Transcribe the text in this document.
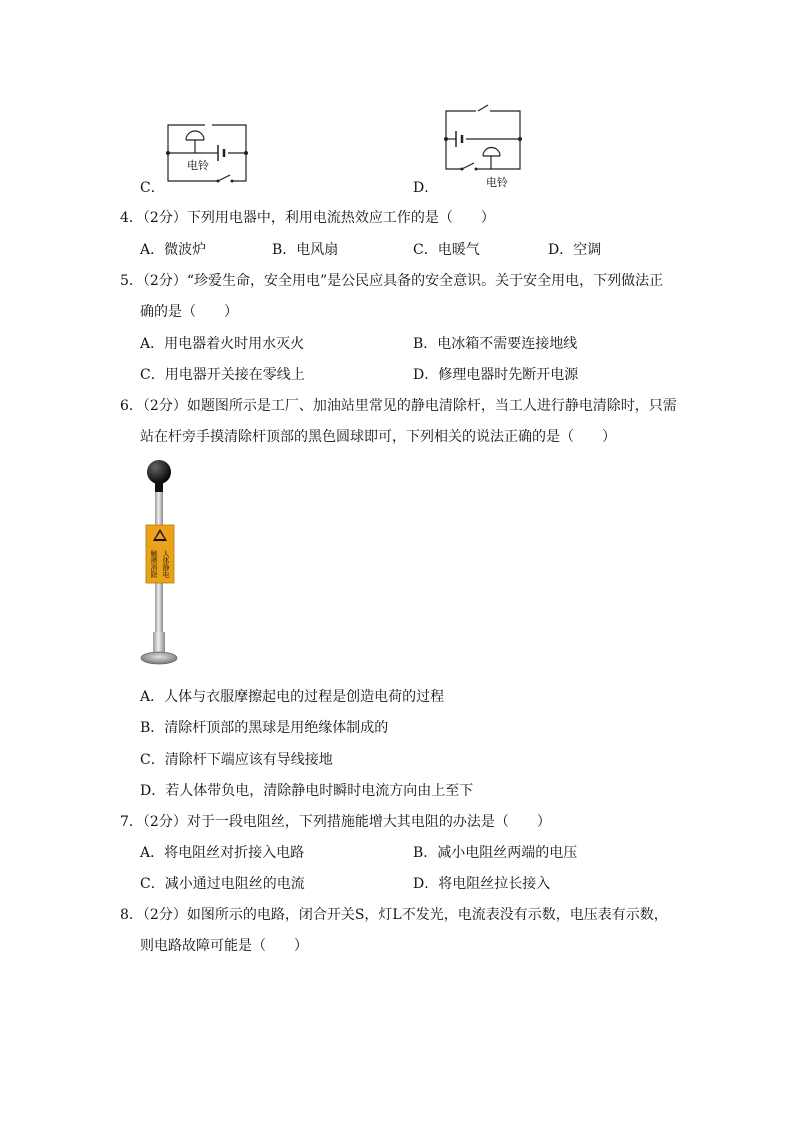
电铃
C．	电铃
D．
4．（2分）下列用电器中，利用电流热效应工作的是（　　）
A．微波炉	B．电风扇	C．电暖气	D．空调
5．（2分）“珍爱生命，安全用电”是公民应具备的安全意识。关于安全用电，下列做法正
确的是（　　）
A．用电器着火时用水灭火	B．电冰箱不需要连接地线
C．用电器开关接在零线上	D．修理电器时先断开电源
6．（2分）如题图所示是工厂、加油站里常见的静电清除杆，当工人进行静电清除时，只需
站在杆旁手摸清除杆顶部的黑色圆球即可，下列相关的说法正确的是（　　）
人体静电
触摸消除
A．人体与衣服摩擦起电的过程是创造电荷的过程
B．清除杆顶部的黑球是用绝缘体制成的
C．清除杆下端应该有导线接地
D．若人体带负电，清除静电时瞬时电流方向由上至下
7．（2分）对于一段电阻丝，下列措施能增大其电阻的办法是（　　）
A．将电阻丝对折接入电路	B．减小电阻丝两端的电压
C．减小通过电阻丝的电流	D．将电阻丝拉长接入
8．（2分）如图所示的电路，闭合开关S，灯L不发光，电流表没有示数，电压表有示数，
则电路故障可能是（　　）
